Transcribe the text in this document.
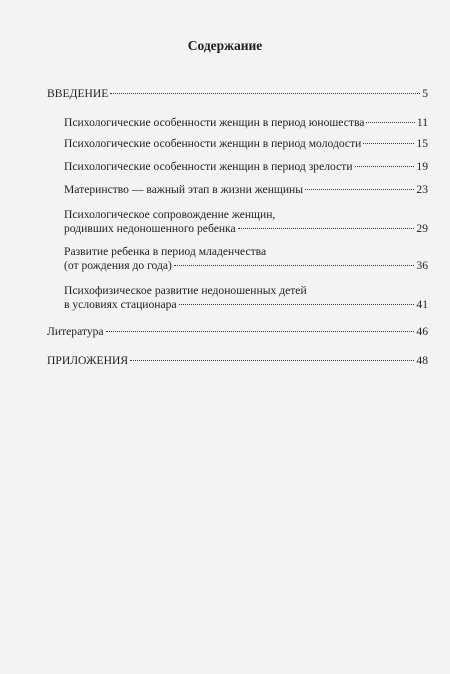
Содержание
ВВЕДЕНИЕ	5
Психологические особенности женщин в период юношества	11
Психологические особенности женщин в период молодости	15
Психологические особенности женщин в период зрелости	19
Материнство — важный этап в жизни женщины	23
Психологическое сопровождение женщин,
родивших недоношенного ребенка	29
Развитие ребенка в период младенчества
(от рождения до года)	36
Психофизическое развитие недоношенных детей
в условиях стационара	41
Литература	46
ПРИЛОЖЕНИЯ	48
